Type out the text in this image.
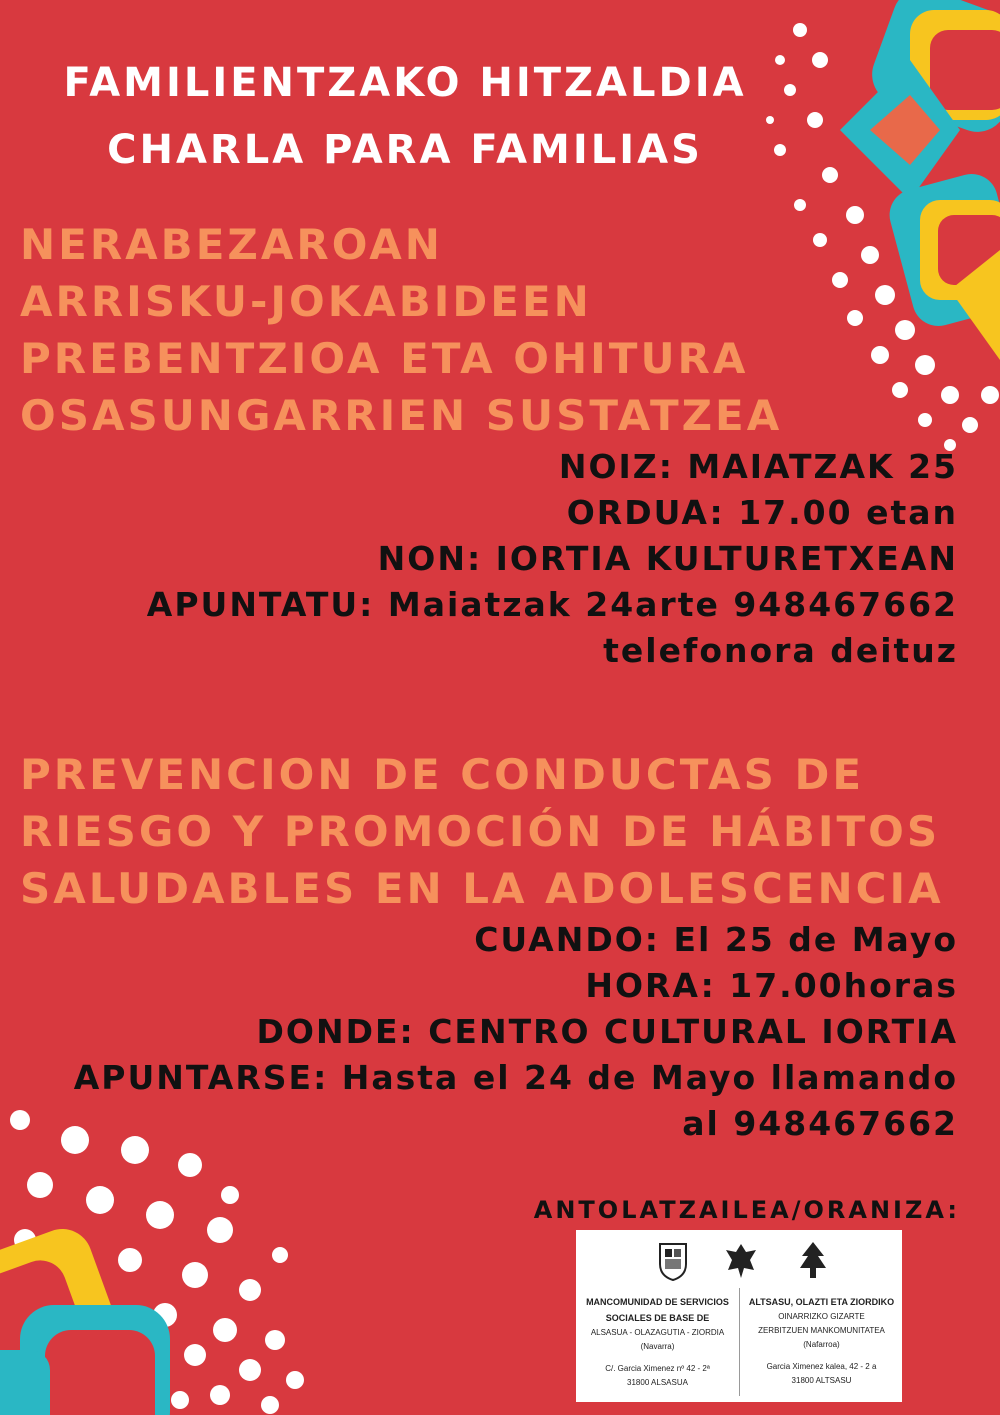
FAMILIENTZAKO HITZALDIA
CHARLA PARA FAMILIAS
NERABEZAROAN
ARRISKU-JOKABIDEEN
PREBENTZIOA ETA OHITURA
OSASUNGARRIEN SUSTATZEA
NOIZ: MAIATZAK 25
ORDUA: 17.00 etan
NON: IORTIA KULTURETXEAN
APUNTATU: Maiatzak 24arte 948467662
telefonora deituz
PREVENCION DE CONDUCTAS DE
RIESGO Y PROMOCIÓN DE HÁBITOS
SALUDABLES EN LA ADOLESCENCIA
CUANDO: El 25 de Mayo
HORA: 17.00horas
DONDE: CENTRO CULTURAL IORTIA
APUNTARSE: Hasta el 24 de Mayo llamando
al 948467662
ANTOLATZAILEA/ORANIZA:
MANCOMUNIDAD DE SERVICIOS
SOCIALES DE BASE DE
ALSASUA - OLAZAGUTIA - ZIORDIA
(Navarra)
C/. Garcia Ximenez nº 42 - 2ª
31800 ALSASUA
ALTSASU, OLAZTI ETA ZIORDIKO
OINARRIZKO GIZARTE
ZERBITZUEN MANKOMUNITATEA
(Nafarroa)
Garcia Ximenez kalea, 42 - 2 a
31800 ALTSASU
